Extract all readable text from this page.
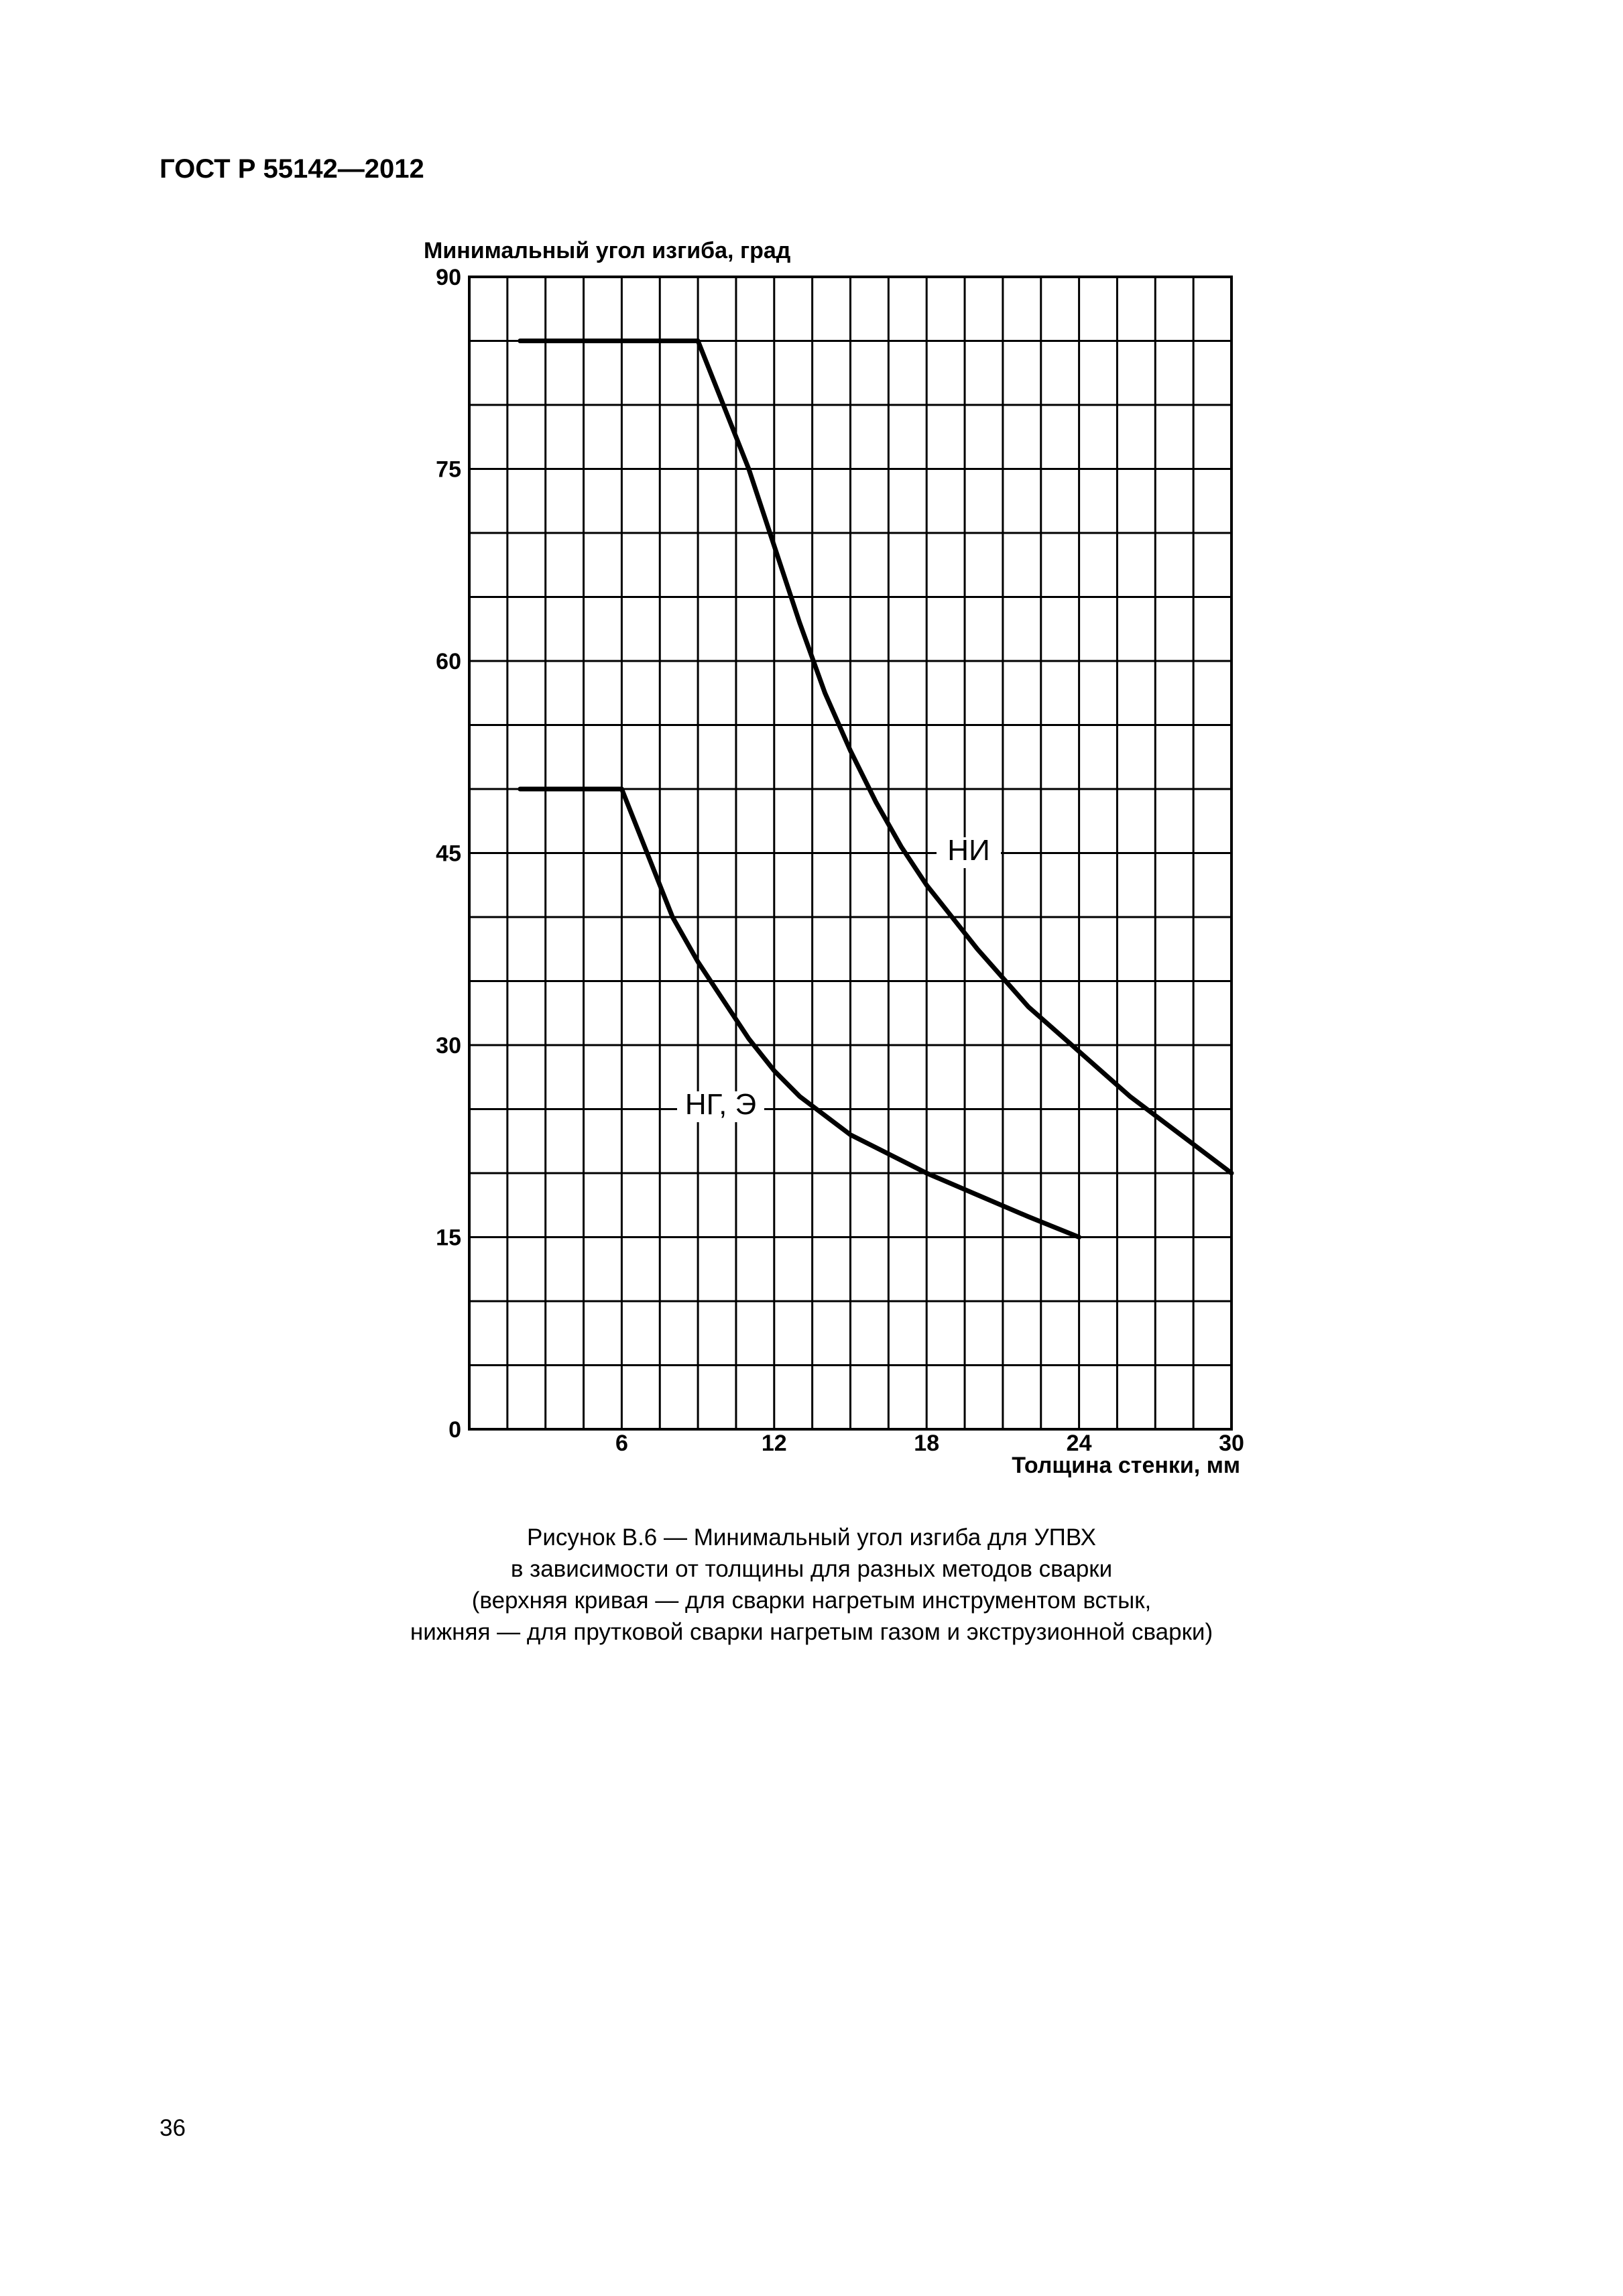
ГОСТ Р 55142—2012
Минимальный угол изгиба, град
Толщина стенки, мм
0
15
30
45
60
75
90
6	12	18	24	30
НИ
НГ, Э
Рисунок В.6 — Минимальный угол изгиба для УПВХ
в зависимости от толщины для разных методов сварки
(верхняя кривая — для сварки нагретым инструментом встык,
нижняя — для прутковой сварки нагретым газом и экструзионной сварки)
36
